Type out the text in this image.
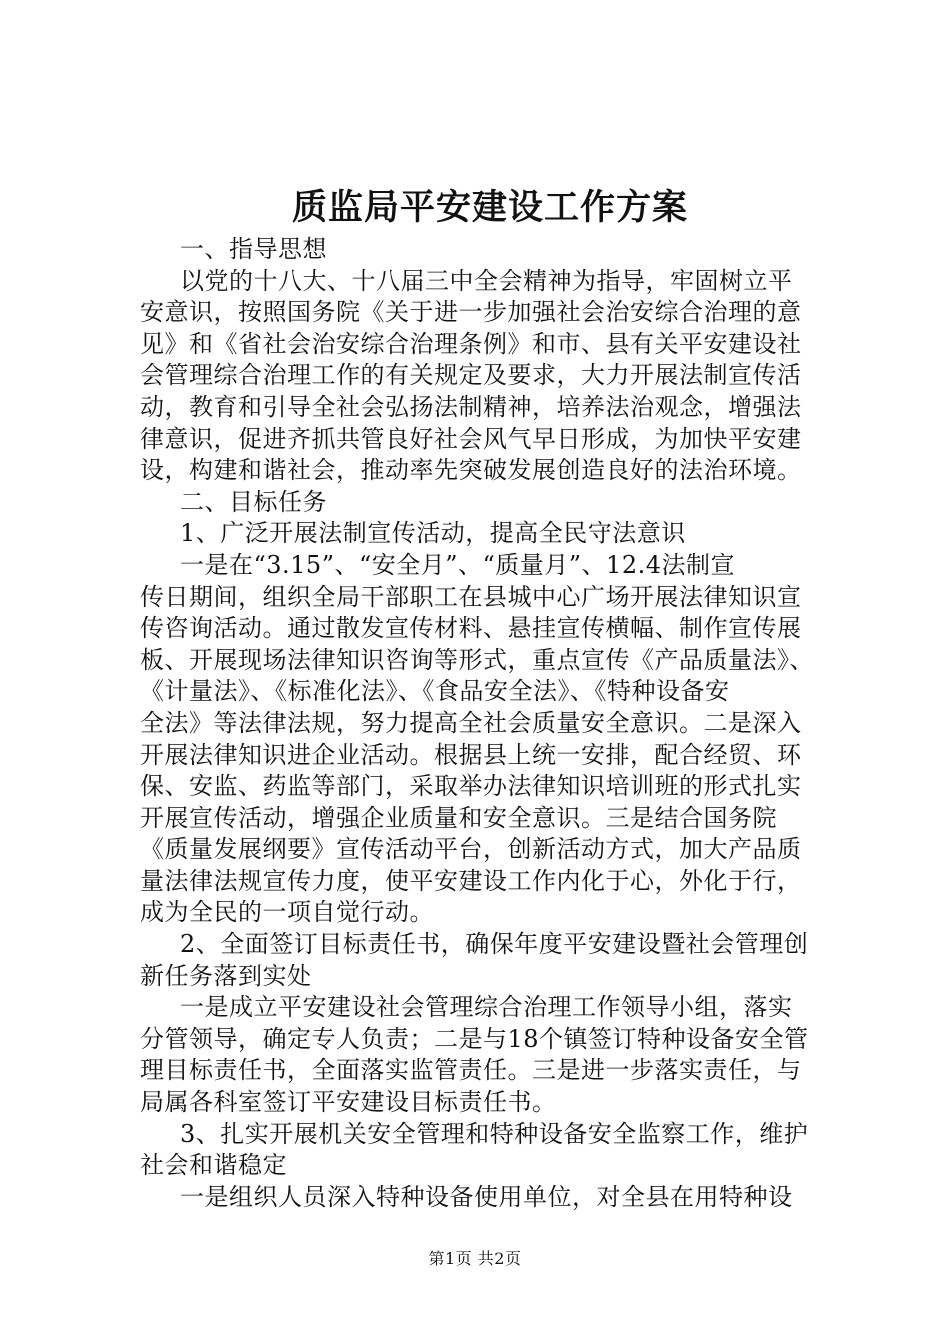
质监局平安建设工作方案
一、指导思想
以党的十八大、十八届三中全会精神为指导，牢固树立平
安意识，按照国务院《关于进一步加强社会治安综合治理的意
见》和《省社会治安综合治理条例》和市、县有关平安建设社
会管理综合治理工作的有关规定及要求，大力开展法制宣传活
动，教育和引导全社会弘扬法制精神，培养法治观念，增强法
律意识，促进齐抓共管良好社会风气早日形成，为加快平安建
设，构建和谐社会，推动率先突破发展创造良好的法治环境。
二、目标任务
1、广泛开展法制宣传活动，提高全民守法意识
一是在“3.15”、“安全月”、“质量月”、12.4法制宣
传日期间，组织全局干部职工在县城中心广场开展法律知识宣
传咨询活动。通过散发宣传材料、悬挂宣传横幅、制作宣传展
板、开展现场法律知识咨询等形式，重点宣传《产品质量法》、
《计量法》、《标准化法》、《食品安全法》、《特种设备安
全法》等法律法规，努力提高全社会质量安全意识。二是深入
开展法律知识进企业活动。根据县上统一安排，配合经贸、环
保、安监、药监等部门，采取举办法律知识培训班的形式扎实
开展宣传活动，增强企业质量和安全意识。三是结合国务院
《质量发展纲要》宣传活动平台，创新活动方式，加大产品质
量法律法规宣传力度，使平安建设工作内化于心，外化于行，
成为全民的一项自觉行动。
2、全面签订目标责任书，确保年度平安建设暨社会管理创
新任务落到实处
一是成立平安建设社会管理综合治理工作领导小组，落实
分管领导，确定专人负责；二是与18个镇签订特种设备安全管
理目标责任书，全面落实监管责任。三是进一步落实责任，与
局属各科室签订平安建设目标责任书。
3、扎实开展机关安全管理和特种设备安全监察工作，维护
社会和谐稳定
一是组织人员深入特种设备使用单位，对全县在用特种设
第1页 共2页
